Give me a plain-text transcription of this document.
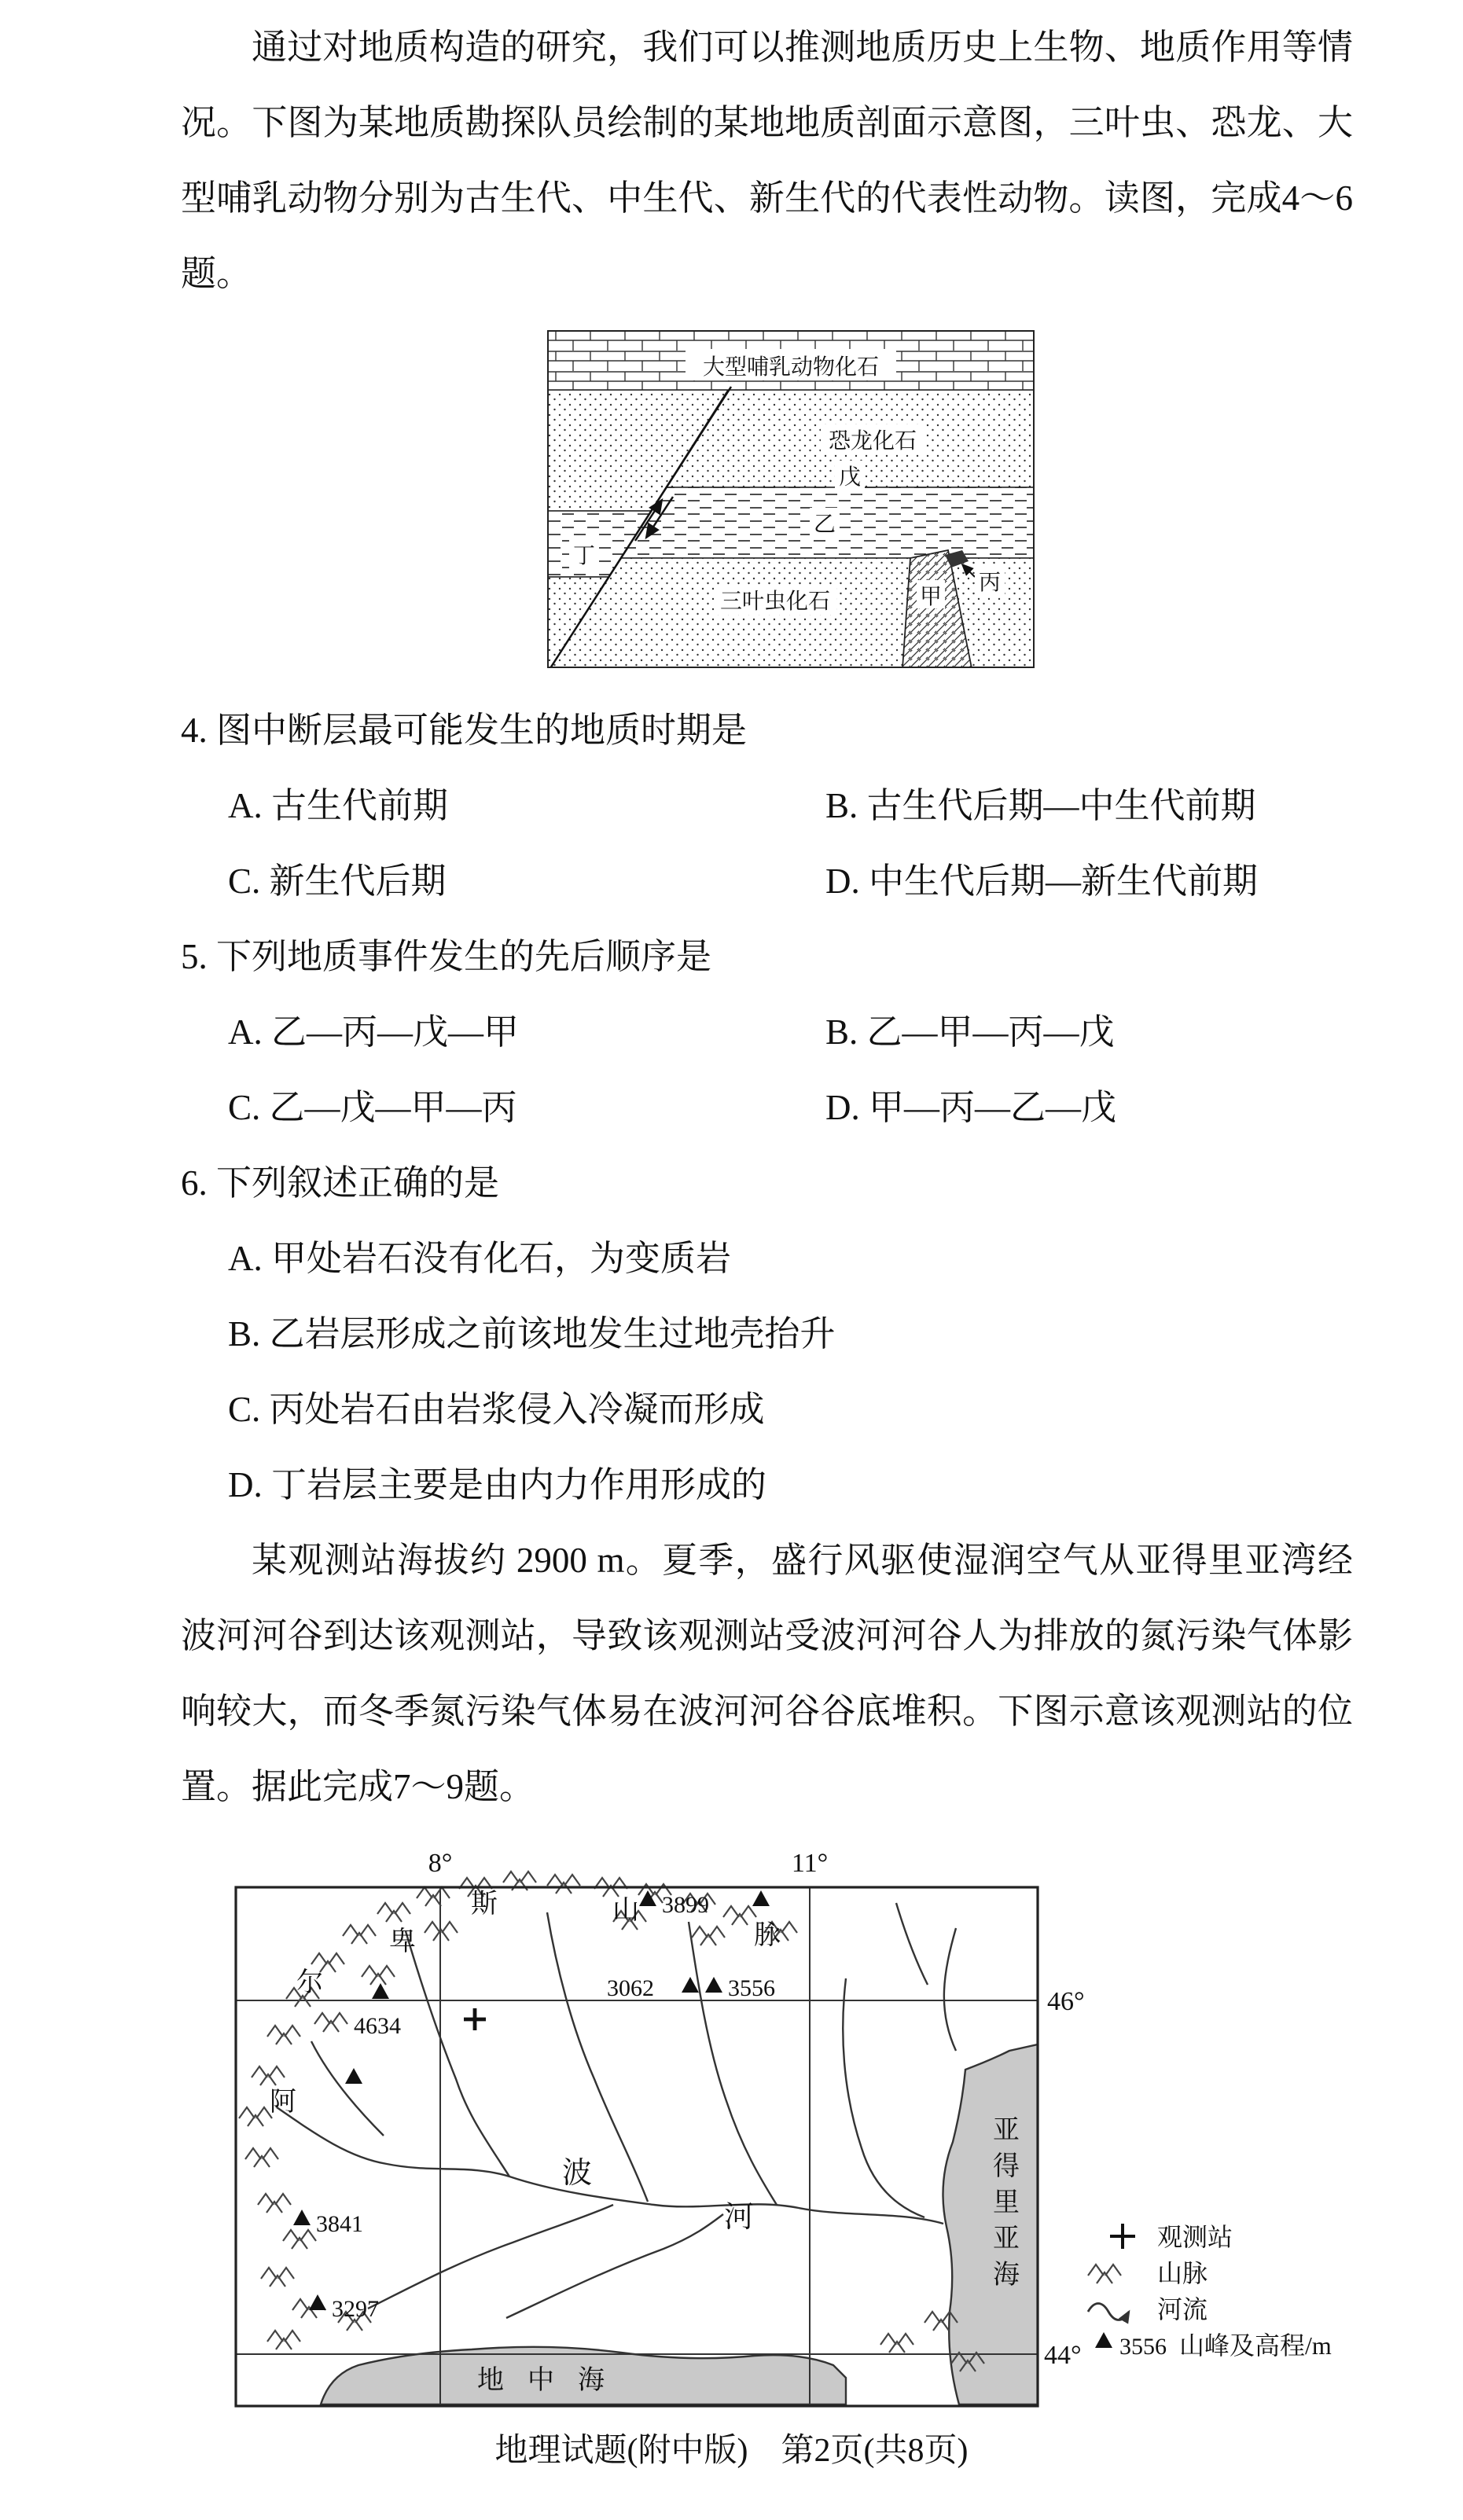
通过对地质构造的研究，我们可以推测地质历史上生物、地质作用等情况。下图为某地质勘探队员绘制的某地地质剖面示意图，三叶虫、恐龙、大型哺乳动物分别为古生代、中生代、新生代的代表性动物。读图，完成4～6题。

大型哺乳动物化石
恐龙化石
戊
乙
三叶虫化石
丁
甲
丙

4. 图中断层最可能发生的地质时期是

A. 古生代前期	B. 古生代后期—中生代前期
C. 新生代后期	D. 中生代后期—新生代前期

5. 下列地质事件发生的先后顺序是

A. 乙—丙—戊—甲	B. 乙—甲—丙—戊
C. 乙—戊—甲—丙	D. 甲—丙—乙—戊

6. 下列叙述正确的是

A. 甲处岩石没有化石，为变质岩

B. 乙岩层形成之前该地发生过地壳抬升

C. 丙处岩石由岩浆侵入冷凝而形成

D. 丁岩层主要是由内力作用形成的

某观测站海拔约 2900 m。夏季，盛行风驱使湿润空气从亚得里亚湾经波河河谷到达该观测站，导致该观测站受波河河谷人为排放的氮污染气体影响较大，而冬季氮污染气体易在波河河谷谷底堆积。下图示意该观测站的位置。据此完成7～9题。

3899
3062	3556
4634
3841
3297
8°	11°
46°
44°
阿
尔
卑
斯	山
脉
波
河
亚
得
里
亚
海
地 中 海
观测站
山脉
河流
3556 山峰及高程/m
地理试题(附中版)　第2页(共8页)
